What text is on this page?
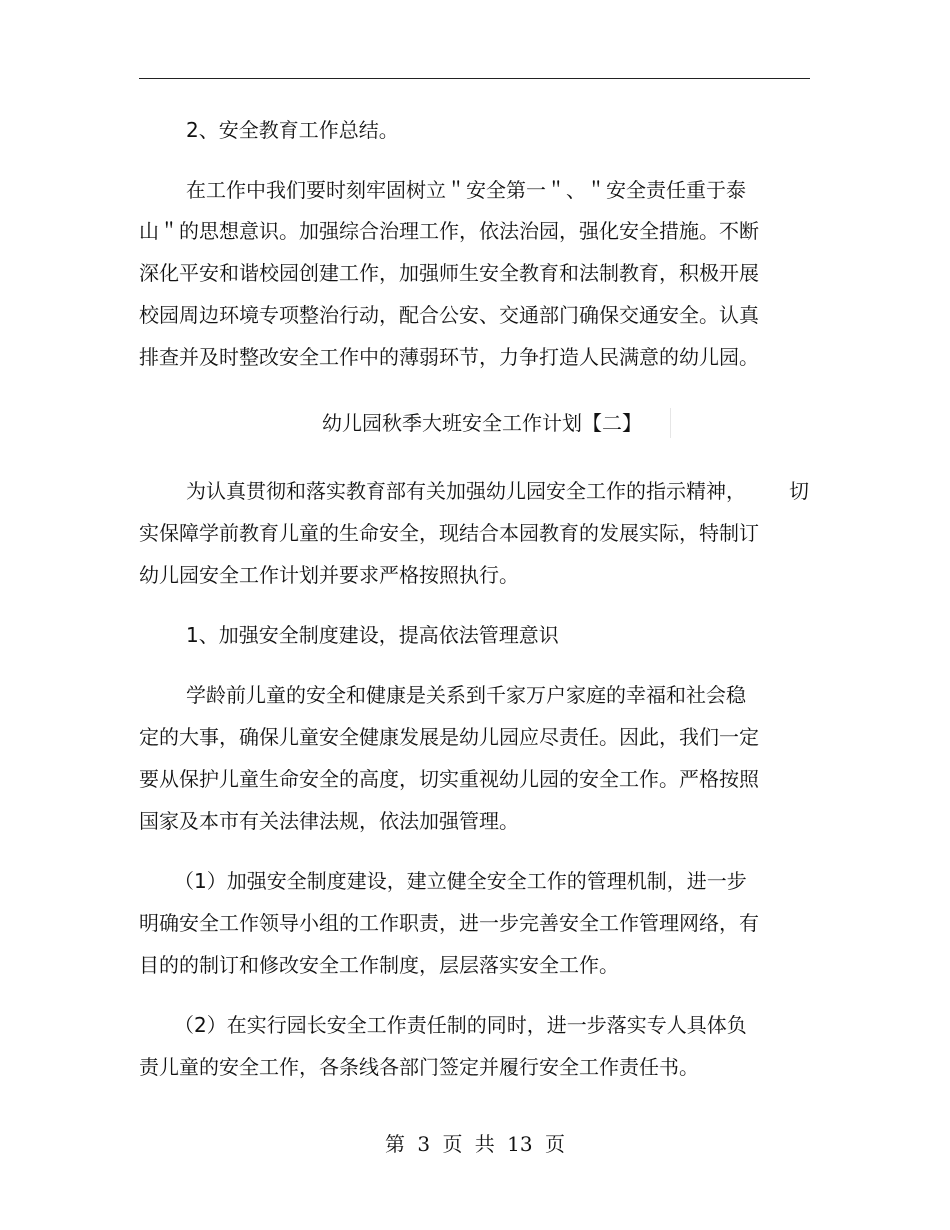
2、安全教育工作总结。
在工作中我们要时刻牢固树立＂安全第一＂、＂安全责任重于泰
山＂的思想意识。加强综合治理工作，依法治园，强化安全措施。不断
深化平安和谐校园创建工作，加强师生安全教育和法制教育，积极开展
校园周边环境专项整治行动，配合公安、交通部门确保交通安全。认真
排查并及时整改安全工作中的薄弱环节，力争打造人民满意的幼儿园。
幼儿园秋季大班安全工作计划【二】
为认真贯彻和落实教育部有关加强幼儿园安全工作的指示精神， 切
实保障学前教育儿童的生命安全，现结合本园教育的发展实际，特制订
幼儿园安全工作计划并要求严格按照执行。
1、加强安全制度建设，提高依法管理意识
学龄前儿童的安全和健康是关系到千家万户家庭的幸福和社会稳
定的大事，确保儿童安全健康发展是幼儿园应尽责任。因此，我们一定
要从保护儿童生命安全的高度，切实重视幼儿园的安全工作。严格按照
国家及本市有关法律法规，依法加强管理。
（1）加强安全制度建设，建立健全安全工作的管理机制，进一步
明确安全工作领导小组的工作职责，进一步完善安全工作管理网络，有
目的的制订和修改安全工作制度，层层落实安全工作。
（2）在实行园长安全工作责任制的同时，进一步落实专人具体负
责儿童的安全工作，各条线各部门签定并履行安全工作责任书。
第 3 页 共 13 页
